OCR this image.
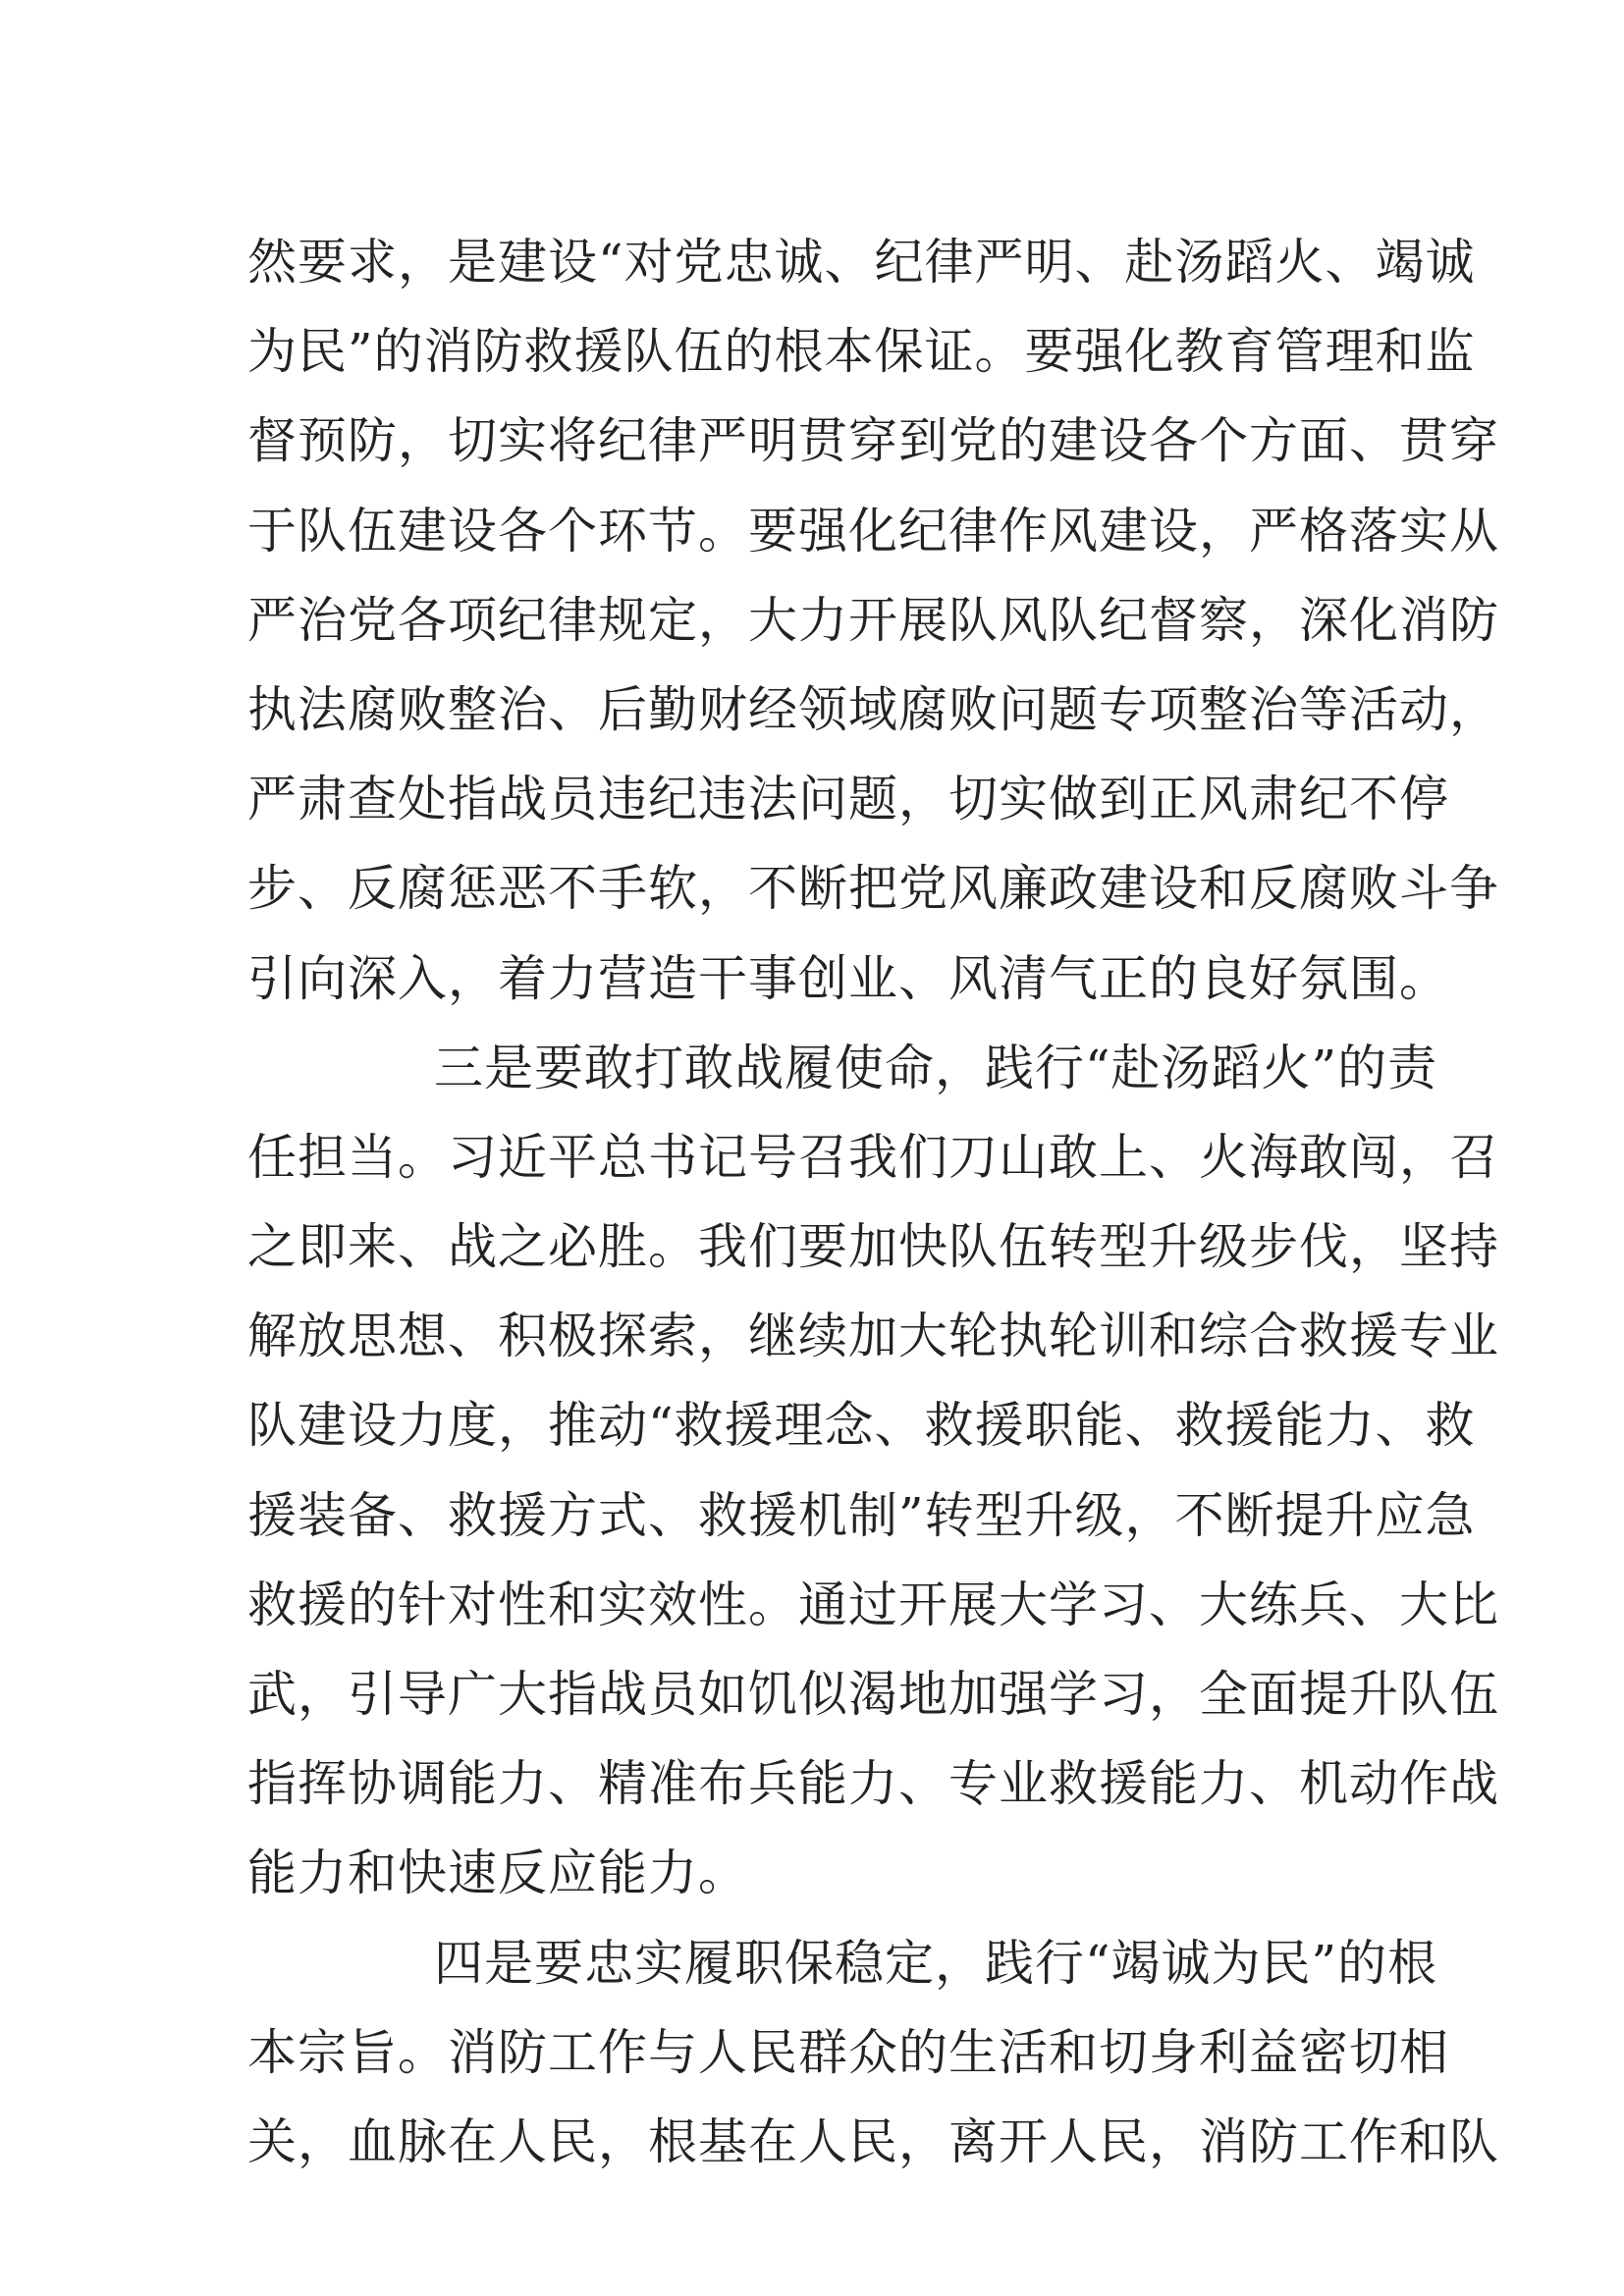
然要求，是建设“对党忠诚、纪律严明、赴汤蹈火、竭诚
为民”的消防救援队伍的根本保证。要强化教育管理和监
督预防，切实将纪律严明贯穿到党的建设各个方面、贯穿
于队伍建设各个环节。要强化纪律作风建设，严格落实从
严治党各项纪律规定，大力开展队风队纪督察，深化消防
执法腐败整治、后勤财经领域腐败问题专项整治等活动，
严肃查处指战员违纪违法问题，切实做到正风肃纪不停
步、反腐惩恶不手软，不断把党风廉政建设和反腐败斗争
引向深入，着力营造干事创业、风清气正的良好氛围。
三是要敢打敢战履使命，践行“赴汤蹈火”的责
任担当。习近平总书记号召我们刀山敢上、火海敢闯，召
之即来、战之必胜。我们要加快队伍转型升级步伐，坚持
解放思想、积极探索，继续加大轮执轮训和综合救援专业
队建设力度，推动“救援理念、救援职能、救援能力、救
援装备、救援方式、救援机制”转型升级，不断提升应急
救援的针对性和实效性。通过开展大学习、大练兵、大比
武，引导广大指战员如饥似渴地加强学习，全面提升队伍
指挥协调能力、精准布兵能力、专业救援能力、机动作战
能力和快速反应能力。
四是要忠实履职保稳定，践行“竭诚为民”的根
本宗旨。消防工作与人民群众的生活和切身利益密切相
关，血脉在人民，根基在人民，离开人民，消防工作和队
